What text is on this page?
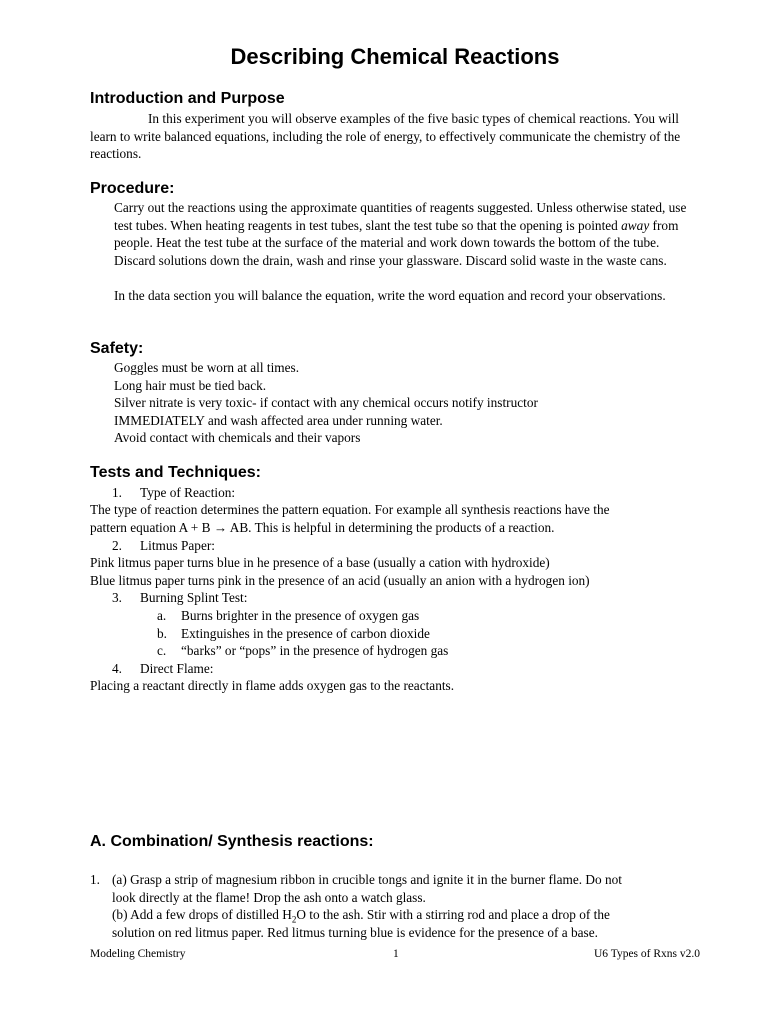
Describing Chemical Reactions
Introduction and Purpose

In this experiment you will observe examples of the five basic types of chemical reactions. You will learn to write balanced equations, including the role of energy, to effectively communicate the chemistry of the reactions.

Procedure:

Carry out the reactions using the approximate quantities of reagents suggested. Unless otherwise stated, use test tubes. When heating reagents in test tubes, slant the test tube so that the opening is pointed away from people. Heat the test tube at the surface of the material and work down towards the bottom of the tube. Discard solutions down the drain, wash and rinse your glassware. Discard solid waste in the waste cans.

In the data section you will balance the equation, write the word equation and record your observations.

Safety:

Goggles must be worn at all times.

Long hair must be tied back.

Silver nitrate is very toxic- if contact with any chemical occurs notify instructor

IMMEDIATELY and wash affected area under running water.

Avoid contact with chemicals and their vapors

Tests and Techniques:

1. Type of Reaction:

The type of reaction determines the pattern equation. For example all synthesis reactions have the

pattern equation A + B → AB. This is helpful in determining the products of a reaction.

2. Litmus Paper:

Pink litmus paper turns blue in he presence of a base (usually a cation with hydroxide)

Blue litmus paper turns pink in the presence of an acid (usually an anion with a hydrogen ion)

3. Burning Splint Test:

a. Burns brighter in the presence of oxygen gas

b. Extinguishes in the presence of carbon dioxide

c. “barks” or “pops” in the presence of hydrogen gas

4. Direct Flame:

Placing a reactant directly in flame adds oxygen gas to the reactants.

A. Combination/ Synthesis reactions:

1. (a) Grasp a strip of magnesium ribbon in crucible tongs and ignite it in the burner flame. Do not

look directly at the flame! Drop the ash onto a watch glass.

(b) Add a few drops of distilled $H_2O$ to the ash. Stir with a stirring rod and place a drop of the

solution on red litmus paper. Red litmus turning blue is evidence for the presence of a base.

Modeling Chemistry	1	U6 Types of Rxns v2.0
